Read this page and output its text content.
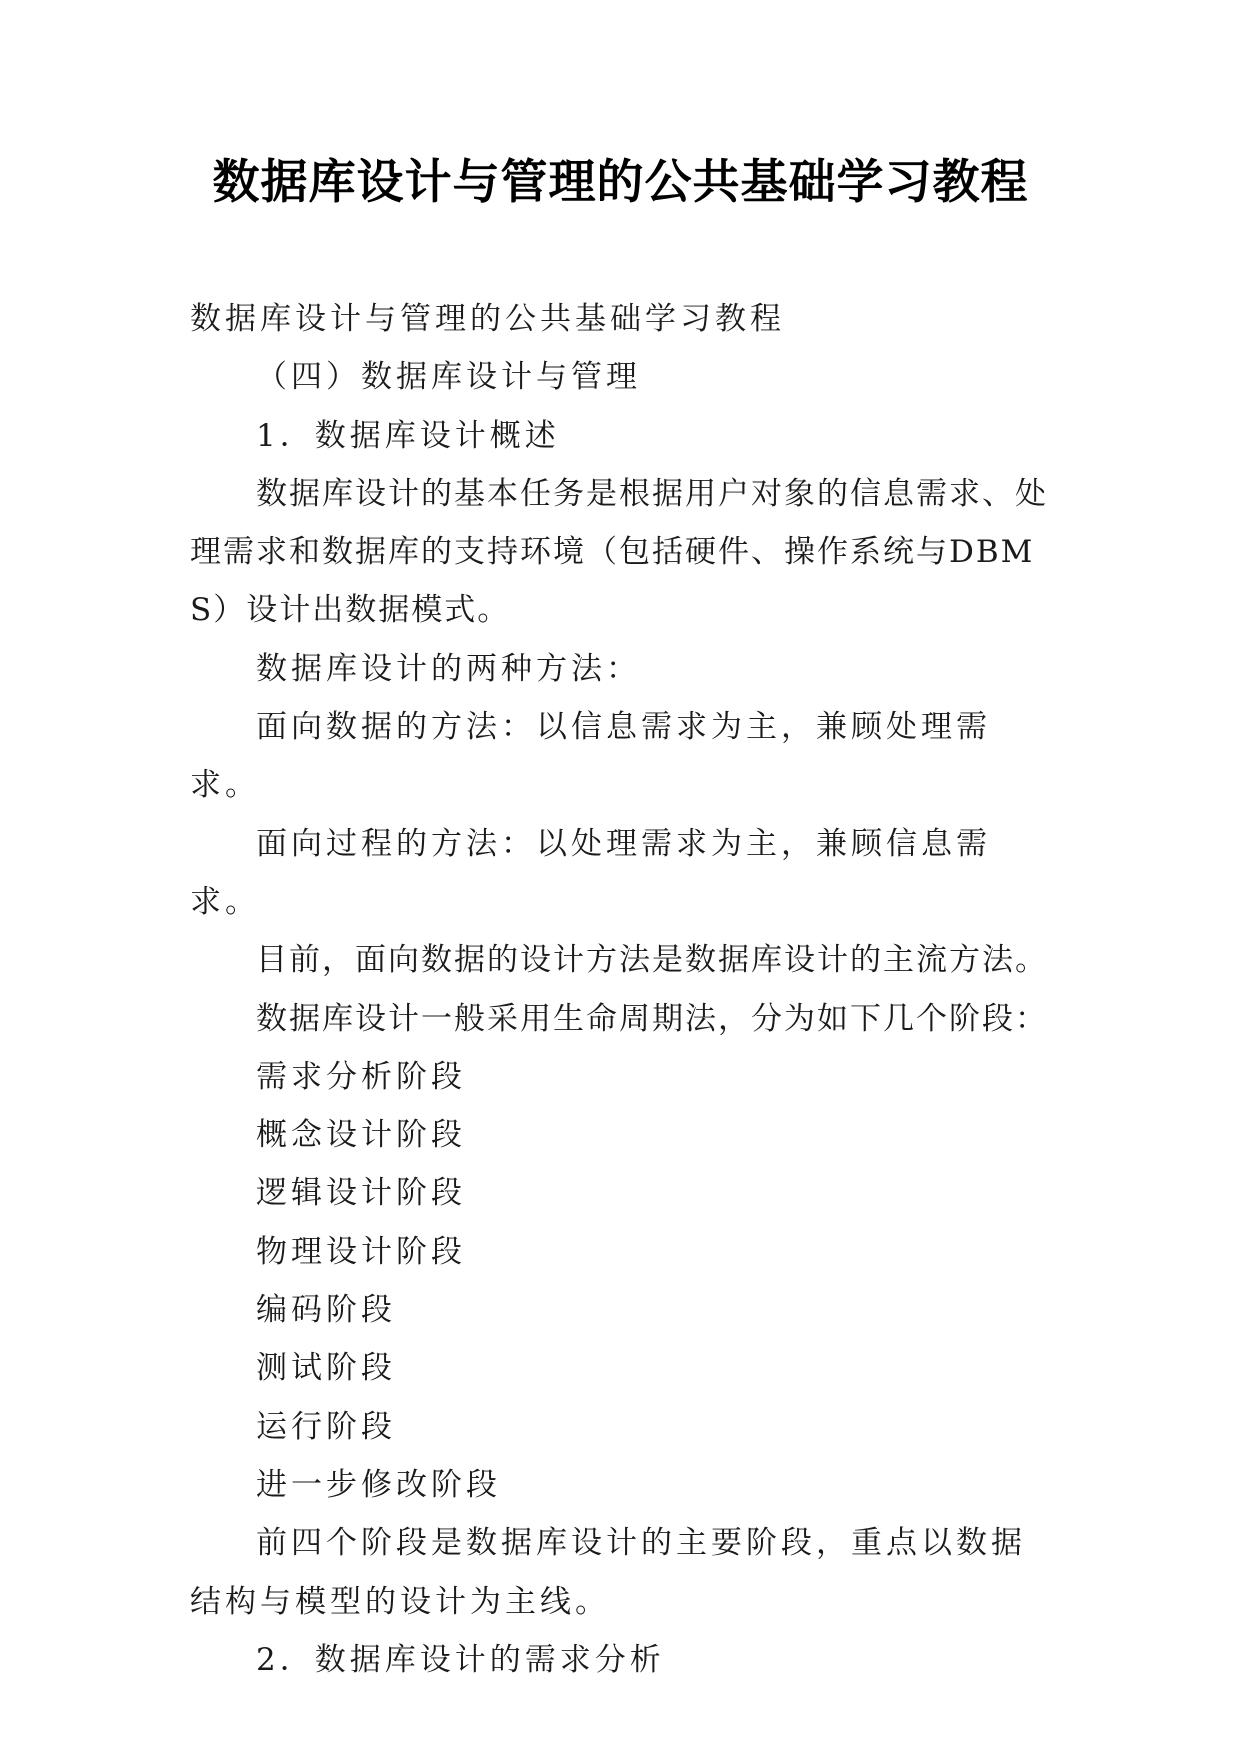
数据库设计与管理的公共基础学习教程

数据库设计与管理的公共基础学习教程

（四）数据库设计与管理

1．数据库设计概述

数据库设计的基本任务是根据用户对象的信息需求、处理需求和数据库的支持环境（包括硬件、操作系统与DBMS）设计出数据模式。

数据库设计的两种方法：

面向数据的方法：以信息需求为主，兼顾处理需求。

面向过程的方法：以处理需求为主，兼顾信息需求。

目前，面向数据的设计方法是数据库设计的主流方法。

数据库设计一般采用生命周期法，分为如下几个阶段：

需求分析阶段

概念设计阶段

逻辑设计阶段

物理设计阶段

编码阶段

测试阶段

运行阶段

进一步修改阶段

前四个阶段是数据库设计的主要阶段，重点以数据结构与模型的设计为主线。

2．数据库设计的需求分析
